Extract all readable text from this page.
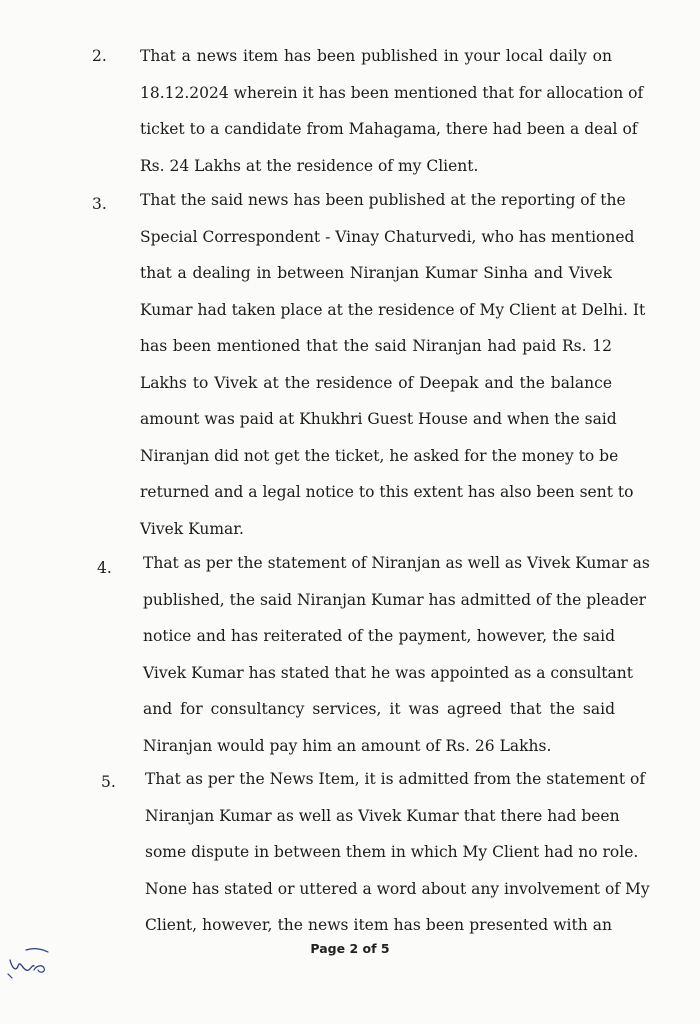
2. That a news item has been published in your local daily on
18.12.2024 wherein it has been mentioned that for allocation of
ticket to a candidate from Mahagama, there had been a deal of
Rs. 24 Lakhs at the residence of my Client.
3. That the said news has been published at the reporting of the
Special Correspondent - Vinay Chaturvedi, who has mentioned
that a dealing in between Niranjan Kumar Sinha and Vivek
Kumar had taken place at the residence of My Client at Delhi. It
has been mentioned that the said Niranjan had paid Rs. 12
Lakhs to Vivek at the residence of Deepak and the balance
amount was paid at Khukhri Guest House and when the said
Niranjan did not get the ticket, he asked for the money to be
returned and a legal notice to this extent has also been sent to
Vivek Kumar.
4. That as per the statement of Niranjan as well as Vivek Kumar as
published, the said Niranjan Kumar has admitted of the pleader
notice and has reiterated of the payment, however, the said
Vivek Kumar has stated that he was appointed as a consultant
and for consultancy services, it was agreed that the said
Niranjan would pay him an amount of Rs. 26 Lakhs.
5. That as per the News Item, it is admitted from the statement of
Niranjan Kumar as well as Vivek Kumar that there had been
some dispute in between them in which My Client had no role.
None has stated or uttered a word about any involvement of My
Client, however, the news item has been presented with an
Page 2 of 5
